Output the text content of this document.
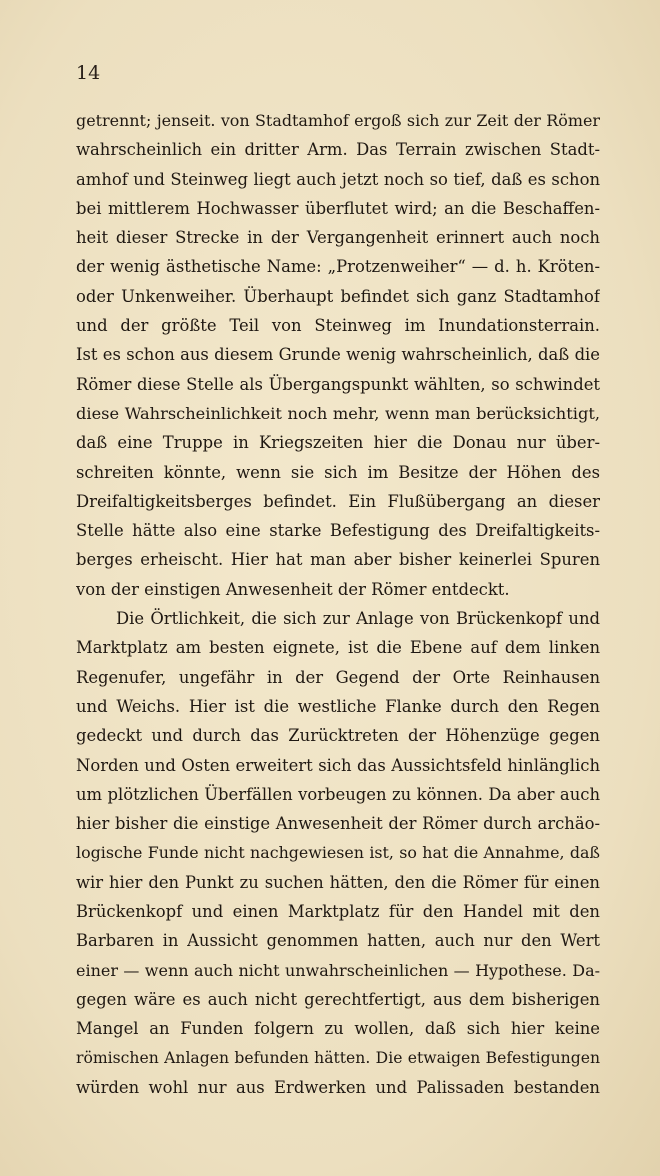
14
getrennt; jenseit. von Stadtamhof ergoß sich zur Zeit der Römer
wahrscheinlich ein dritter Arm. Das Terrain zwischen Stadt-
amhof und Steinweg liegt auch jetzt noch so tief, daß es schon
bei mittlerem Hochwasser überflutet wird; an die Beschaffen-
heit dieser Strecke in der Vergangenheit erinnert auch noch
der wenig ästhetische Name: „Protzenweiher“ — d. h. Kröten-
oder Unkenweiher. Überhaupt befindet sich ganz Stadtamhof
und der größte Teil von Steinweg im Inundationsterrain.
Ist es schon aus diesem Grunde wenig wahrscheinlich, daß die
Römer diese Stelle als Übergangspunkt wählten, so schwindet
diese Wahrscheinlichkeit noch mehr, wenn man berücksichtigt,
daß eine Truppe in Kriegszeiten hier die Donau nur über-
schreiten könnte, wenn sie sich im Besitze der Höhen des
Dreifaltigkeitsberges befindet. Ein Flußübergang an dieser
Stelle hätte also eine starke Befestigung des Dreifaltigkeits-
berges erheischt. Hier hat man aber bisher keinerlei Spuren
von der einstigen Anwesenheit der Römer entdeckt.
Die Örtlichkeit, die sich zur Anlage von Brückenkopf und
Marktplatz am besten eignete, ist die Ebene auf dem linken
Regenufer, ungefähr in der Gegend der Orte Reinhausen
und Weichs. Hier ist die westliche Flanke durch den Regen
gedeckt und durch das Zurücktreten der Höhenzüge gegen
Norden und Osten erweitert sich das Aussichtsfeld hinlänglich
um plötzlichen Überfällen vorbeugen zu können. Da aber auch
hier bisher die einstige Anwesenheit der Römer durch archäo-
logische Funde nicht nachgewiesen ist, so hat die Annahme, daß
wir hier den Punkt zu suchen hätten, den die Römer für einen
Brückenkopf und einen Marktplatz für den Handel mit den
Barbaren in Aussicht genommen hatten, auch nur den Wert
einer — wenn auch nicht unwahrscheinlichen — Hypothese. Da-
gegen wäre es auch nicht gerechtfertigt, aus dem bisherigen
Mangel an Funden folgern zu wollen, daß sich hier keine
römischen Anlagen befunden hätten. Die etwaigen Befestigungen
würden wohl nur aus Erdwerken und Palissaden bestanden
